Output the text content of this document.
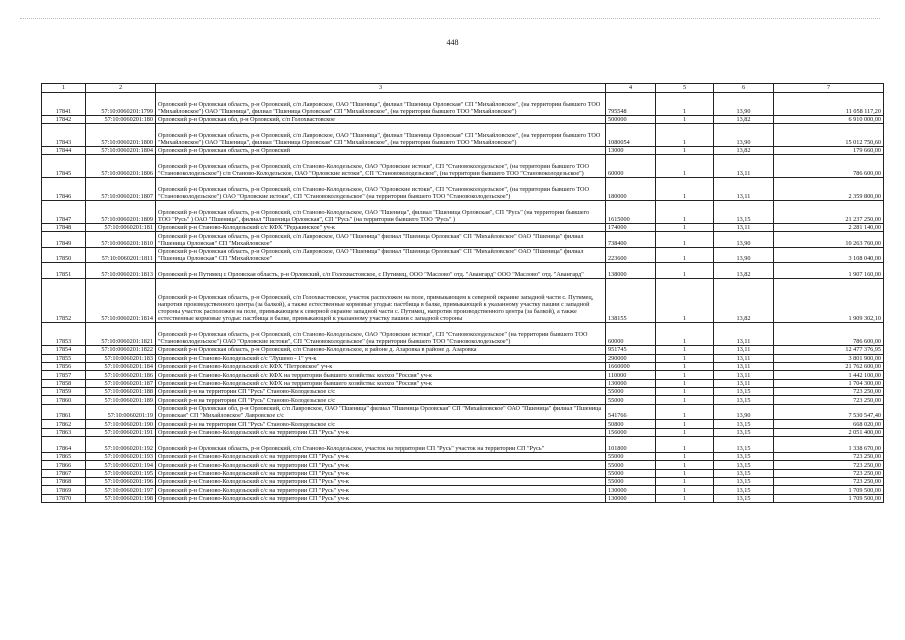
448
1	2	3	4	5	6	7
17841	57:10:0060201:1799	Орловский р-н Орловская область, р-н Орловский, с/п Лавровское, ОАО "Пшеница", филиал "Пшеница Орловская" СП "Михайловское", (на территории бывшего ТОО "Михайловское") ОАО "Пшеница", филиал "Пшеница Орловская" СП "Михайловское", (на территории бывшего ТОО "Михайловское")	795548	1	13,90	11 058 117,20
17842	57:10:0060201:180	Орловский р-н Орловская обл, р-н Орловский, с/п Голохвастовское	500000	1	13,82	6 910 000,00
17843	57:10:0060201:1800	Орловский р-н Орловская область, р-н Орловский, с/п Лавровское, ОАО "Пшеница", филиал "Пшеница Орловская" СП "Михайловское", (на территории бывшего ТОО "Михайловское") ОАО "Пшеница", филиал "Пшеница Орловская" СП "Михайловское", (на территории бывшего ТОО "Михайловское")	1080054	1	13,90	15 012 750,60
17844	57:10:0060201:1804	Орловский р-н Орловская область, р-н Орловский	13000	1	13,82	179 660,00
17845	57:10:0060201:1806	Орловский р-н Орловская область, р-н Орловский, с/п Станово-Колодезьское, ОАО "Орловские истоки", СП "Становоколодезьское", (на территории бывшего ТОО "Становоколодезьское") с/п Станово-Колодезьское, ОАО "Орловские истоки", СП "Становоколодезьское", (на территории бывшего ТОО "Становоколодезьское")	60000	1	13,11	786 600,00
17846	57:10:0060201:1807	Орловский р-н Орловская область, р-н Орловский, с/п Станово-Колодезьское, ОАО "Орловские истоки", СП "Становоколодезьское", (на территории бывшего ТОО "Становоколодезьское") ОАО "Орловские истоки", СП "Становоколодезьское" (на территории бывшего ТОО "Становоколодезьское")	180000	1	13,11	2 359 800,00
17847	57:10:0060201:1809	Орловский р-н Орловская область, р-н Орловский, с/п Станово-Колодезьское, ОАО "Пшеница", филиал "Пшеница Орловская", СП "Русь" (на территории бывшего ТОО "Русь" ) ОАО "Пшеница", филиал "Пшеница Орловская", СП "Русь" (на территории бывшего ТОО "Русь" )	1615000	1	13,15	21 237 250,00
17848	57:10:0060201:181	Орловский р-н Станово-Колодезьский с/с КФХ "Редькинское" уч-к	174000	1	13,11	2 281 140,00
17849	57:10:0060201:1810	Орловский р-н Орловская область, р-н Орловский, с/п Лавровское, ОАО "Пшеница" филиал "Пшеница Орловская" СП "Михайловское" ОАО "Пшеница" филиал "Пшеница Орловская" СП "Михайловское"	738400	1	13,90	10 263 760,00
17850	57:10:0060201:1811	Орловский р-н Орловская область, р-н Орловский, с/п Лавровское, ОАО "Пшеница" филиал "Пшеница Орловская" СП "Михайловское" ОАО "Пшеница" филиал "Пшеница Орловская" СП "Михайловское"	223600	1	13,90	3 108 040,00
17851	57:10:0060201:1813	Орловский р-н Путимец с Орловская область, р-н Орловский, с/п Голохвастовское, с Путимец, ООО "Маслово" отд. "Авангард" ООО "Маслово" отд. "Авангард"	138000	1	13,82	1 907 160,00
17852	57:10:0060201:1814	Орловский р-н Орловская область, р-н Орловский, с/п Голохвастовское, участок расположен на поле, примыкающем к северной окраине западной части с. Путимец, напротив производственного центра (за балкой), а также естественные кормовые угодья: пастбища в балке, примыкающей к указанному участку пашни с западной стороны участок расположен на поле, примыкающем к северной окраине западной части с. Путимец, напротив производственного центра (за балкой), а также естественные кормовые угодья: пастбища в балке, примыкающей к указанному участку пашни с западной стороны	138155	1	13,82	1 909 302,10
17853	57:10:0060201:1821	Орловский р-н Орловская область, р-н Орловский, с/п Станово-Колодезьское, ОАО "Орловские истоки", СП "Становоколодезьское" (на территории бывшего ТОО "Становоколодезьское") ОАО "Орловские истоки", СП "Становоколодезьское" (на территории бывшего ТОО "Становоколодезьское")	60000	1	13,11	786 600,00
17854	57:10:0060201:1822	Орловский р-н Орловская область, р-н Орловский, с/п Станово-Колодезьское, в районе д. Азаровка в районе д. Азаровка	951745	1	13,11	12 477 376,95
17855	57:10:0060201:183	Орловский р-н Станово-Колодезьский с/с "Лушено - 1" уч-к	290000	1	13,11	3 801 900,00
17856	57:10:0060201:184	Орловский р-н Станово-Колодезьский с/с КФХ "Петровское" уч-к	1660000	1	13,11	21 762 600,00
17857	57:10:0060201:186	Орловский р-н Станово-Колодезьский с/с КФХ на территории бывшего хозяйства: колхоз "Россия" уч-к	110000	1	13,11	1 442 100,00
17858	57:10:0060201:187	Орловский р-н Станово-Колодезьский с/с КФХ на территории бывшего хозяйства: колхоз "Россия" уч-к	130000	1	13,11	1 704 300,00
17859	57:10:0060201:188	Орловский р-н на территории СП "Русь" Станово-Колодезьское с/с	55000	1	13,15	723 250,00
17860	57:10:0060201:189	Орловский р-н на территории СП "Русь" Станово-Колодезьское с/с	55000	1	13,15	723 250,00
17861	57:10:0060201:19	Орловский р-н Орловская обл, р-н Орловский, с/п Лавровское, ОАО "Пшеница" филиал "Пшеница Орловская" СП "Михайловское" ОАО "Пшеница" филиал "Пшеница Орловская" СП "Михайловское" Лавровское с/с	541766	1	13,90	7 530 547,40
17862	57:10:0060201:190	Орловский р-н на территории СП "Русь" Станово-Колодезьское с/с	50800	1	13,15	668 020,00
17863	57:10:0060201:191	Орловский р-н Станово-Колодезьский с/с на территории СП "Русь" уч-к	156000	1	13,15	2 051 400,00
17864	57:10:0060201:192	Орловский р-н Орловская область, р-н Орловский, с/п Станово-Колодезьское, участок на территории СП "Русь" участок на территории СП "Русь"	101800	1	13,15	1 338 670,00
17865	57:10:0060201:193	Орловский р-н Станово-Колодезьский с/с на территории СП "Русь" уч-к	55000	1	13,15	723 250,00
17866	57:10:0060201:194	Орловский р-н Станово-Колодезьский с/с на территории СП "Русь" уч-к	55000	1	13,15	723 250,00
17867	57:10:0060201:195	Орловский р-н Станово-Колодезьский с/с на территории СП "Русь" уч-к	55000	1	13,15	723 250,00
17868	57:10:0060201:196	Орловский р-н Станово-Колодезьский с/с на территории СП "Русь" уч-к	55000	1	13,15	723 250,00
17869	57:10:0060201:197	Орловский р-н Станово-Колодезьский с/с на территории СП "Русь" уч-к	130000	1	13,15	1 709 500,00
17870	57:10:0060201:198	Орловский р-н Станово-Колодезьский с/с на территории СП "Русь" уч-к	130000	1	13,15	1 709 500,00
